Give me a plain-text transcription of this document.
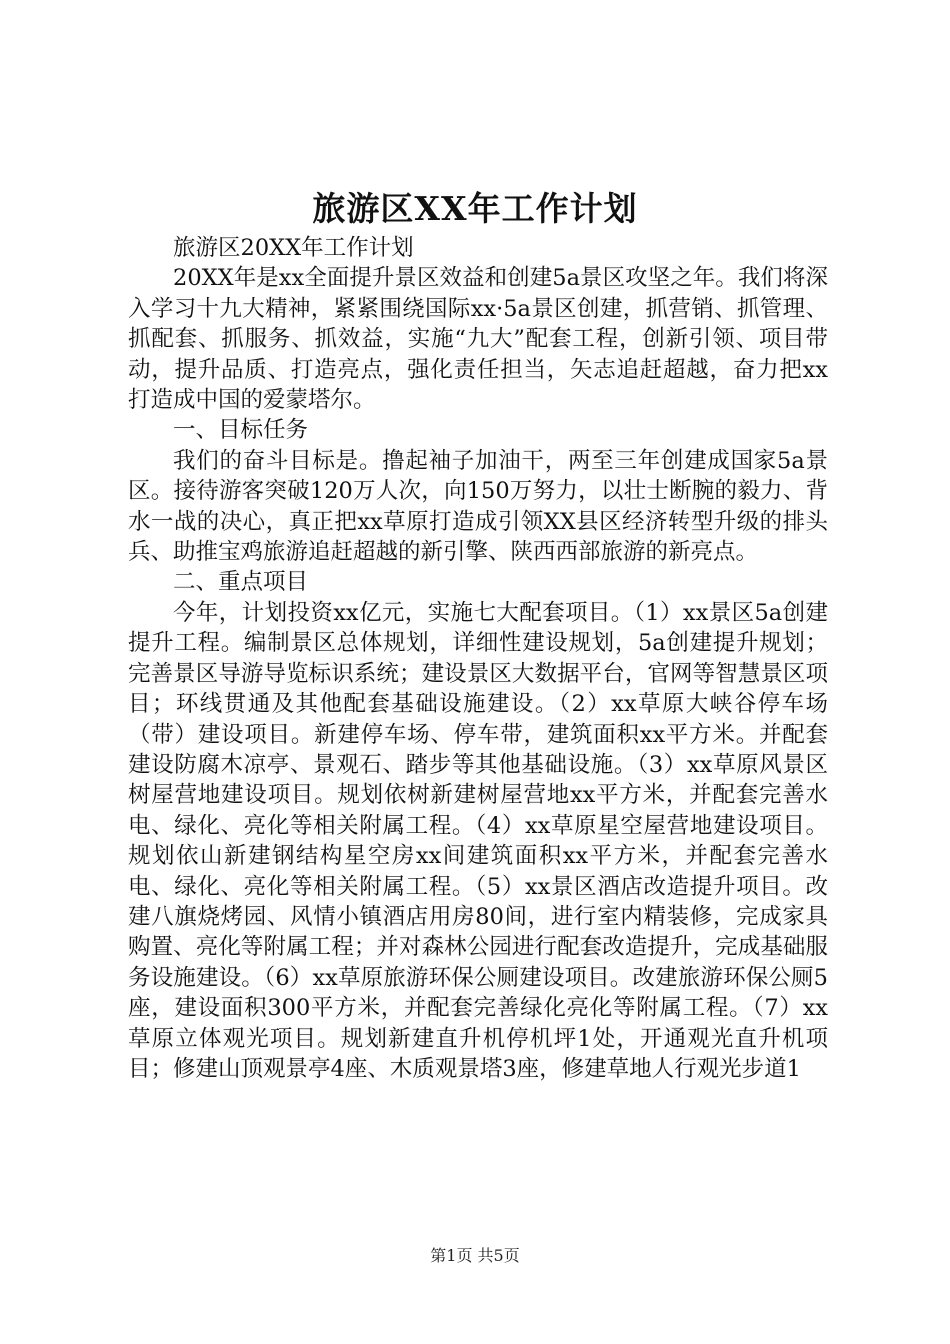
旅游区XX年工作计划

旅游区20XX年工作计划

20XX年是xx全面提升景区效益和创建5a景区攻坚之年。我们将深入学习十九大精神，紧紧围绕国际xx·5a景区创建，抓营销、抓管理、抓配套、抓服务、抓效益，实施“九大”配套工程，创新引领、项目带动，提升品质、打造亮点，强化责任担当，矢志追赶超越，奋力把xx打造成中国的爱蒙塔尔。

一、目标任务

我们的奋斗目标是。撸起袖子加油干，两至三年创建成国家5a景区。接待游客突破120万人次，向150万努力，以壮士断腕的毅力、背水一战的决心，真正把xx草原打造成引领XX县区经济转型升级的排头兵、助推宝鸡旅游追赶超越的新引擎、陕西西部旅游的新亮点。

二、重点项目

今年，计划投资xx亿元，实施七大配套项目。（1）xx景区5a创建提升工程。编制景区总体规划，详细性建设规划，5a创建提升规划；完善景区导游导览标识系统；建设景区大数据平台，官网等智慧景区项目；环线贯通及其他配套基础设施建设。（2）xx草原大峡谷停车场（带）建设项目。新建停车场、停车带，建筑面积xx平方米。并配套建设防腐木凉亭、景观石、踏步等其他基础设施。（3）xx草原风景区树屋营地建设项目。规划依树新建树屋营地xx平方米，并配套完善水电、绿化、亮化等相关附属工程。（4）xx草原星空屋营地建设项目。规划依山新建钢结构星空房xx间建筑面积xx平方米，并配套完善水电、绿化、亮化等相关附属工程。（5）xx景区酒店改造提升项目。改建八旗烧烤园、风情小镇酒店用房80间，进行室内精装修，完成家具购置、亮化等附属工程；并对森林公园进行配套改造提升，完成基础服务设施建设。（6）xx草原旅游环保公厕建设项目。改建旅游环保公厕5座，建设面积300平方米，并配套完善绿化亮化等附属工程。（7）xx草原立体观光项目。规划新建直升机停机坪1处，开通观光直升机项目；修建山顶观景亭4座、木质观景塔3座，修建草地人行观光步道1

第1页 共5页
